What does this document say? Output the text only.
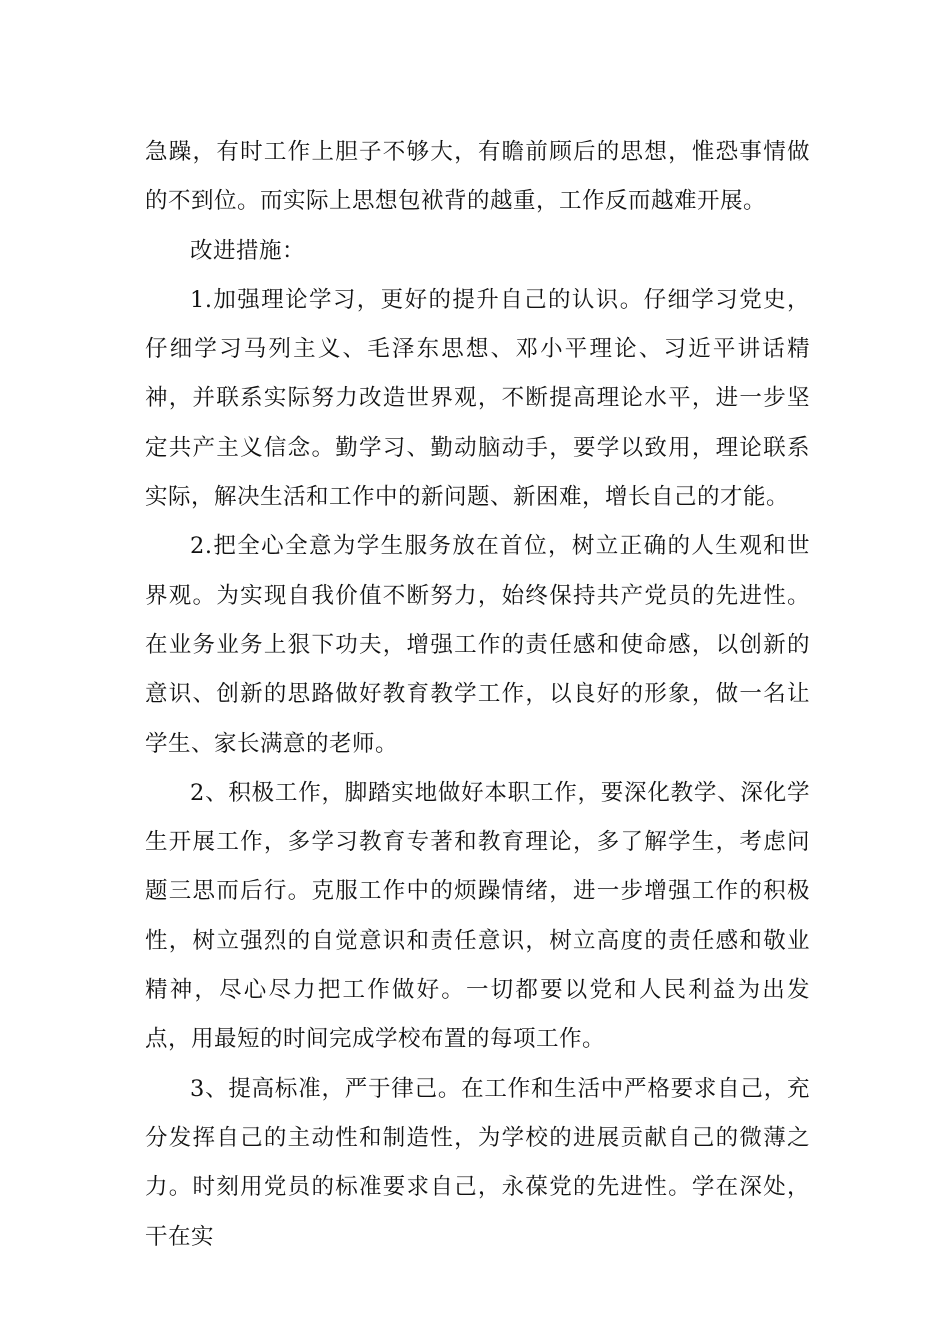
急躁，有时工作上胆子不够大，有瞻前顾后的思想，惟恐事情做的不到位。而实际上思想包袱背的越重，工作反而越难开展。

改进措施：

1.加强理论学习，更好的提升自己的认识。仔细学习党史，仔细学习马列主义、毛泽东思想、邓小平理论、习近平讲话精神，并联系实际努力改造世界观，不断提高理论水平，进一步坚定共产主义信念。勤学习、勤动脑动手，要学以致用，理论联系实际，解决生活和工作中的新问题、新困难，增长自己的才能。

2.把全心全意为学生服务放在首位，树立正确的人生观和世界观。为实现自我价值不断努力，始终保持共产党员的先进性。在业务业务上狠下功夫，增强工作的责任感和使命感，以创新的意识、创新的思路做好教育教学工作，以良好的形象，做一名让学生、家长满意的老师。

2、积极工作，脚踏实地做好本职工作，要深化教学、深化学生开展工作，多学习教育专著和教育理论，多了解学生，考虑问题三思而后行。克服工作中的烦躁情绪，进一步增强工作的积极性，树立强烈的自觉意识和责任意识，树立高度的责任感和敬业精神，尽心尽力把工作做好。一切都要以党和人民利益为出发点，用最短的时间完成学校布置的每项工作。

3、提高标准，严于律己。在工作和生活中严格要求自己，充分发挥自己的主动性和制造性，为学校的进展贡献自己的微薄之力。时刻用党员的标准要求自己，永葆党的先进性。学在深处，干在实
